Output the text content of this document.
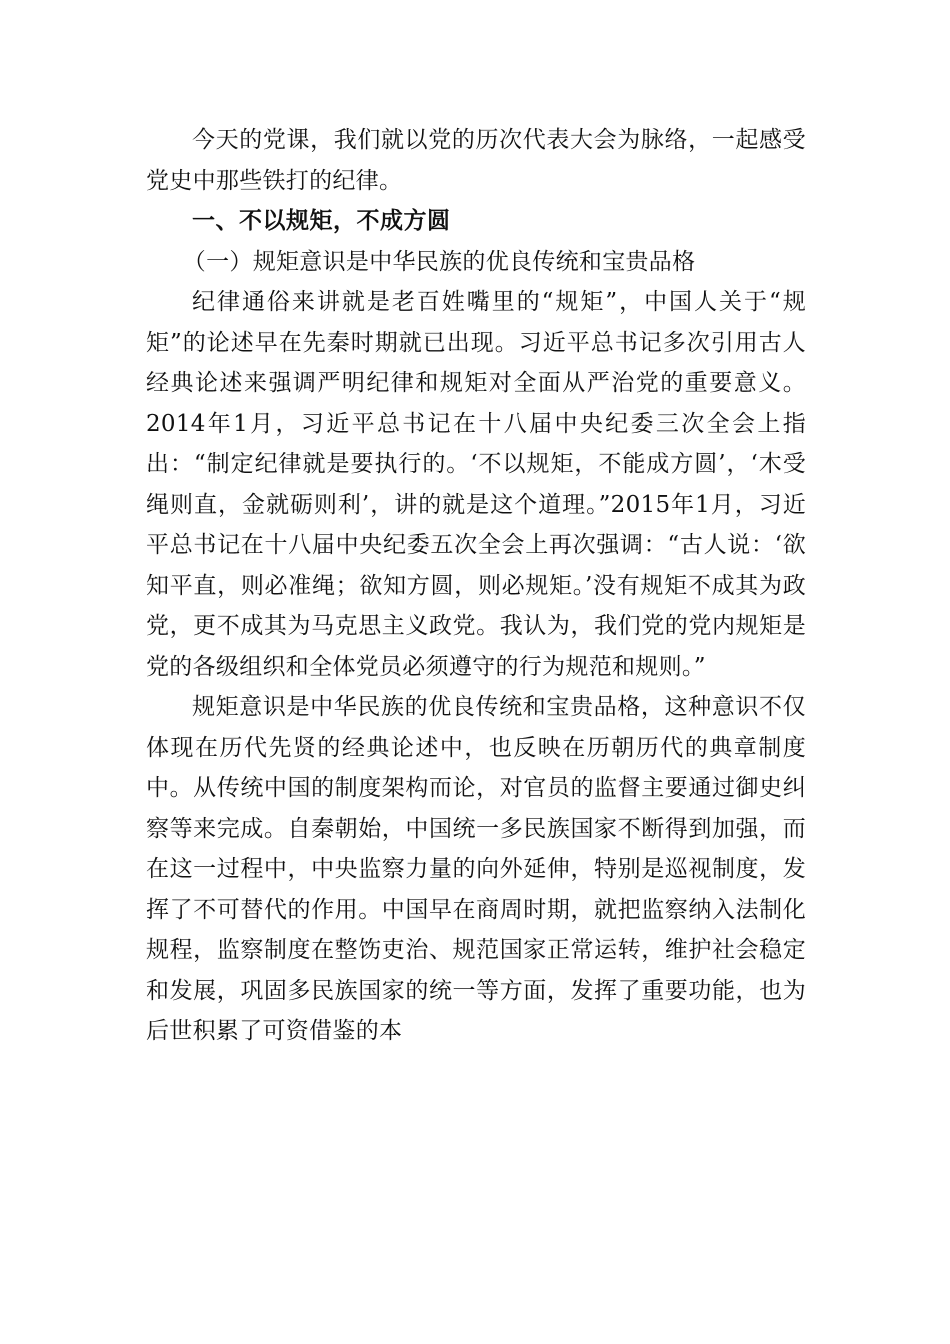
今天的党课，我们就以党的历次代表大会为脉络，一起感受党史中那些铁打的纪律。

一、不以规矩，不成方圆

（一）规矩意识是中华民族的优良传统和宝贵品格

纪律通俗来讲就是老百姓嘴里的“规矩”，中国人关于“规矩”的论述早在先秦时期就已出现。习近平总书记多次引用古人经典论述来强调严明纪律和规矩对全面从严治党的重要意义。2014年1月，习近平总书记在十八届中央纪委三次全会上指出：“制定纪律就是要执行的。‘不以规矩，不能成方圆’，‘木受绳则直，金就砺则利’，讲的就是这个道理。”2015年1月，习近平总书记在十八届中央纪委五次全会上再次强调：“古人说：‘欲知平直，则必准绳；欲知方圆，则必规矩。’没有规矩不成其为政党，更不成其为马克思主义政党。我认为，我们党的党内规矩是党的各级组织和全体党员必须遵守的行为规范和规则。”

规矩意识是中华民族的优良传统和宝贵品格，这种意识不仅体现在历代先贤的经典论述中，也反映在历朝历代的典章制度中。从传统中国的制度架构而论，对官员的监督主要通过御史纠察等来完成。自秦朝始，中国统一多民族国家不断得到加强，而在这一过程中，中央监察力量的向外延伸，特别是巡视制度，发挥了不可替代的作用。中国早在商周时期，就把监察纳入法制化规程，监察制度在整饬吏治、规范国家正常运转，维护社会稳定和发展，巩固多民族国家的统一等方面，发挥了重要功能，也为后世积累了可资借鉴的本
